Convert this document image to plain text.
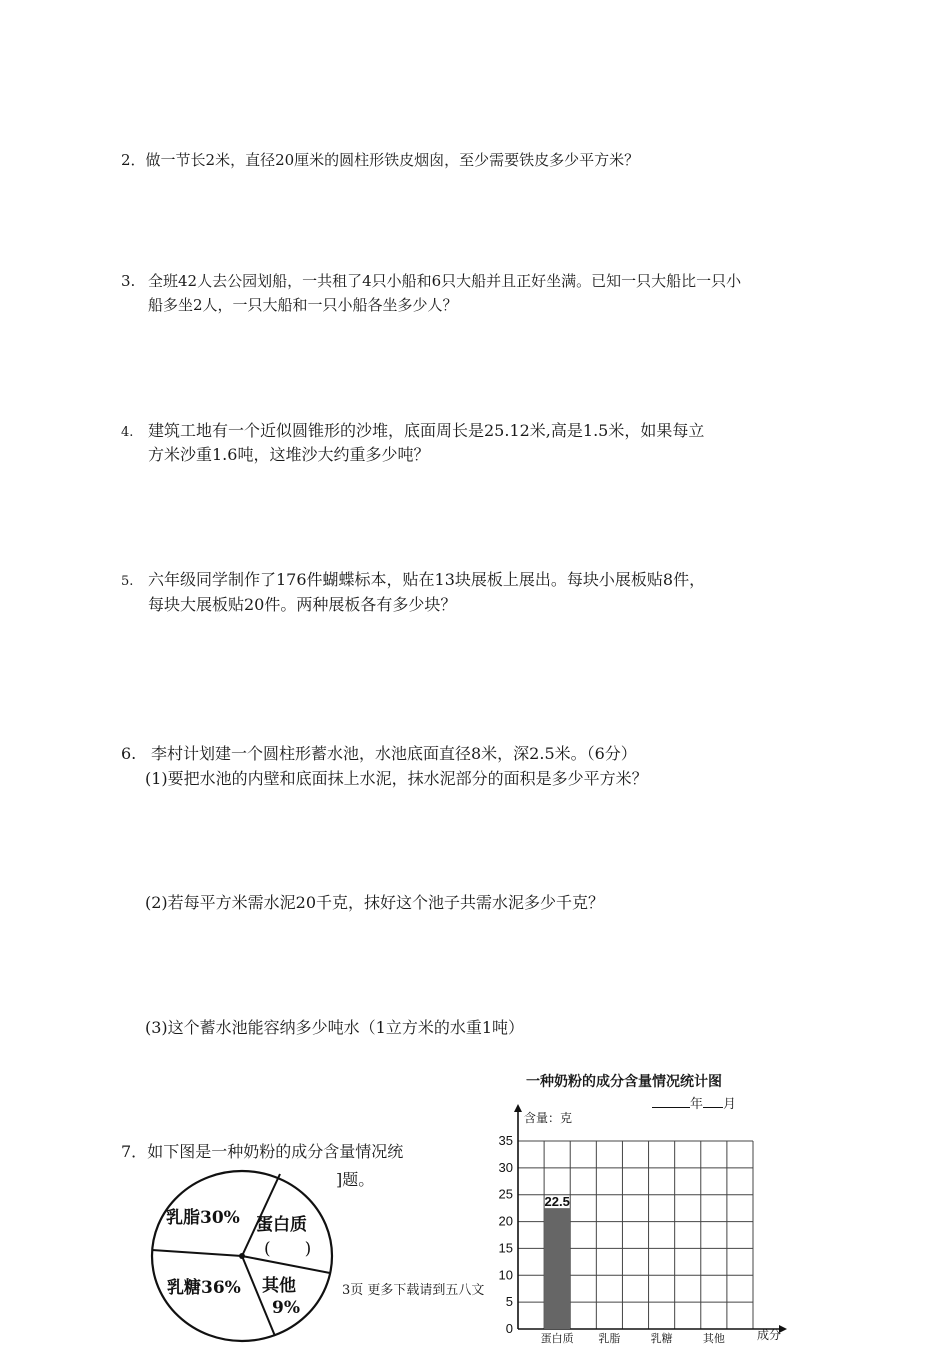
2．做一节长2米，直径20厘米的圆柱形铁皮烟囱，至少需要铁皮多少平方米？
3. 全班42人去公园划船，一共租了4只小船和6只大船并且正好坐满。已知一只大船比一只小
船多坐2人，一只大船和一只小船各坐多少人？
4. 建筑工地有一个近似圆锥形的沙堆，底面周长是25.12米,高是1.5米，如果每立
方米沙重1.6吨，这堆沙大约重多少吨？
5. 六年级同学制作了176件蝴蝶标本，贴在13块展板上展出。每块小展板贴8件，
每块大展板贴20件。两种展板各有多少块？
6. 李村计划建一个圆柱形蓄水池，水池底面直径8米，深2.5米。（6分）
(1)要把水池的内壁和底面抹上水泥，抹水泥部分的面积是多少平方米？
(2)若每平方米需水泥20千克，抹好这个池子共需水泥多少千克？
(3)这个蓄水池能容纳多少吨水（1立方米的水重1吨）
7．如下图是一种奶粉的成分含量情况统
]题。
乳脂30% 蛋白质
(　　)
其他
9%
乳糖36%
一种奶粉的成分含量情况统计图
年 月
0
5
10
15
20
25
30
35
含量：克
成分
蛋白质
22.5
乳脂	乳糖	其他
3页 更多下载请到五八文
